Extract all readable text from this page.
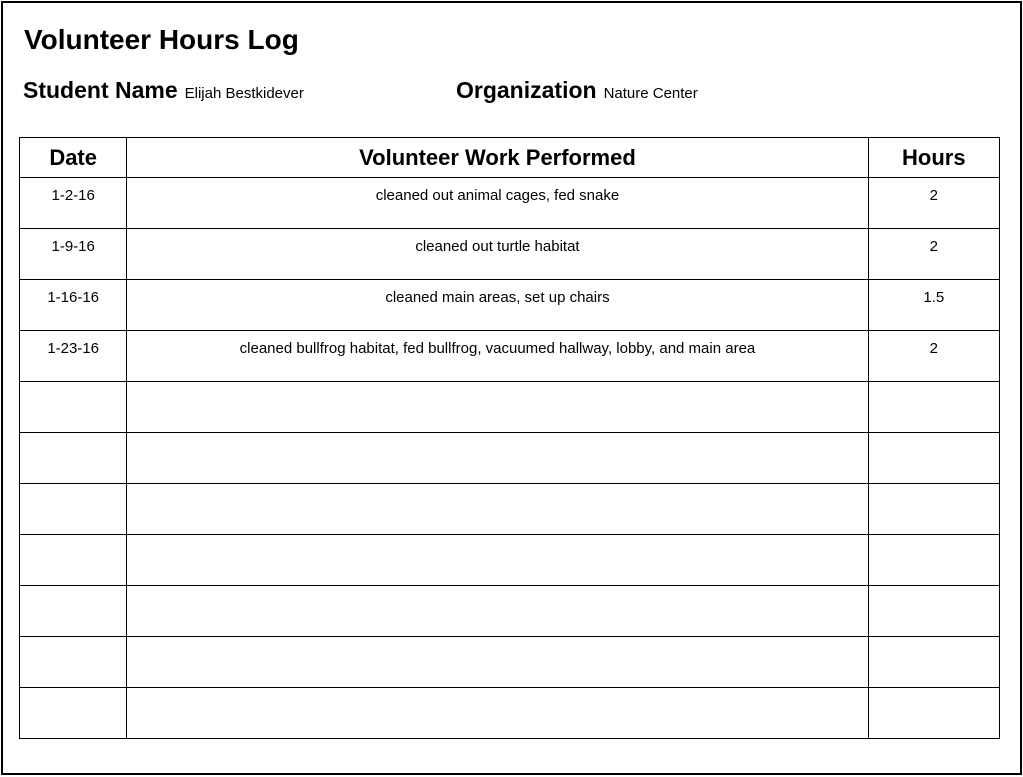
Volunteer Hours Log
Student Name Elijah Bestkidever	Organization Nature Center
Date	Volunteer Work Performed	Hours
1-2-16	cleaned out animal cages, fed snake	2
1-9-16	cleaned out turtle habitat	2
1-16-16	cleaned main areas, set up chairs	1.5
1-23-16	cleaned bullfrog habitat, fed bullfrog, vacuumed hallway, lobby, and main area	2
